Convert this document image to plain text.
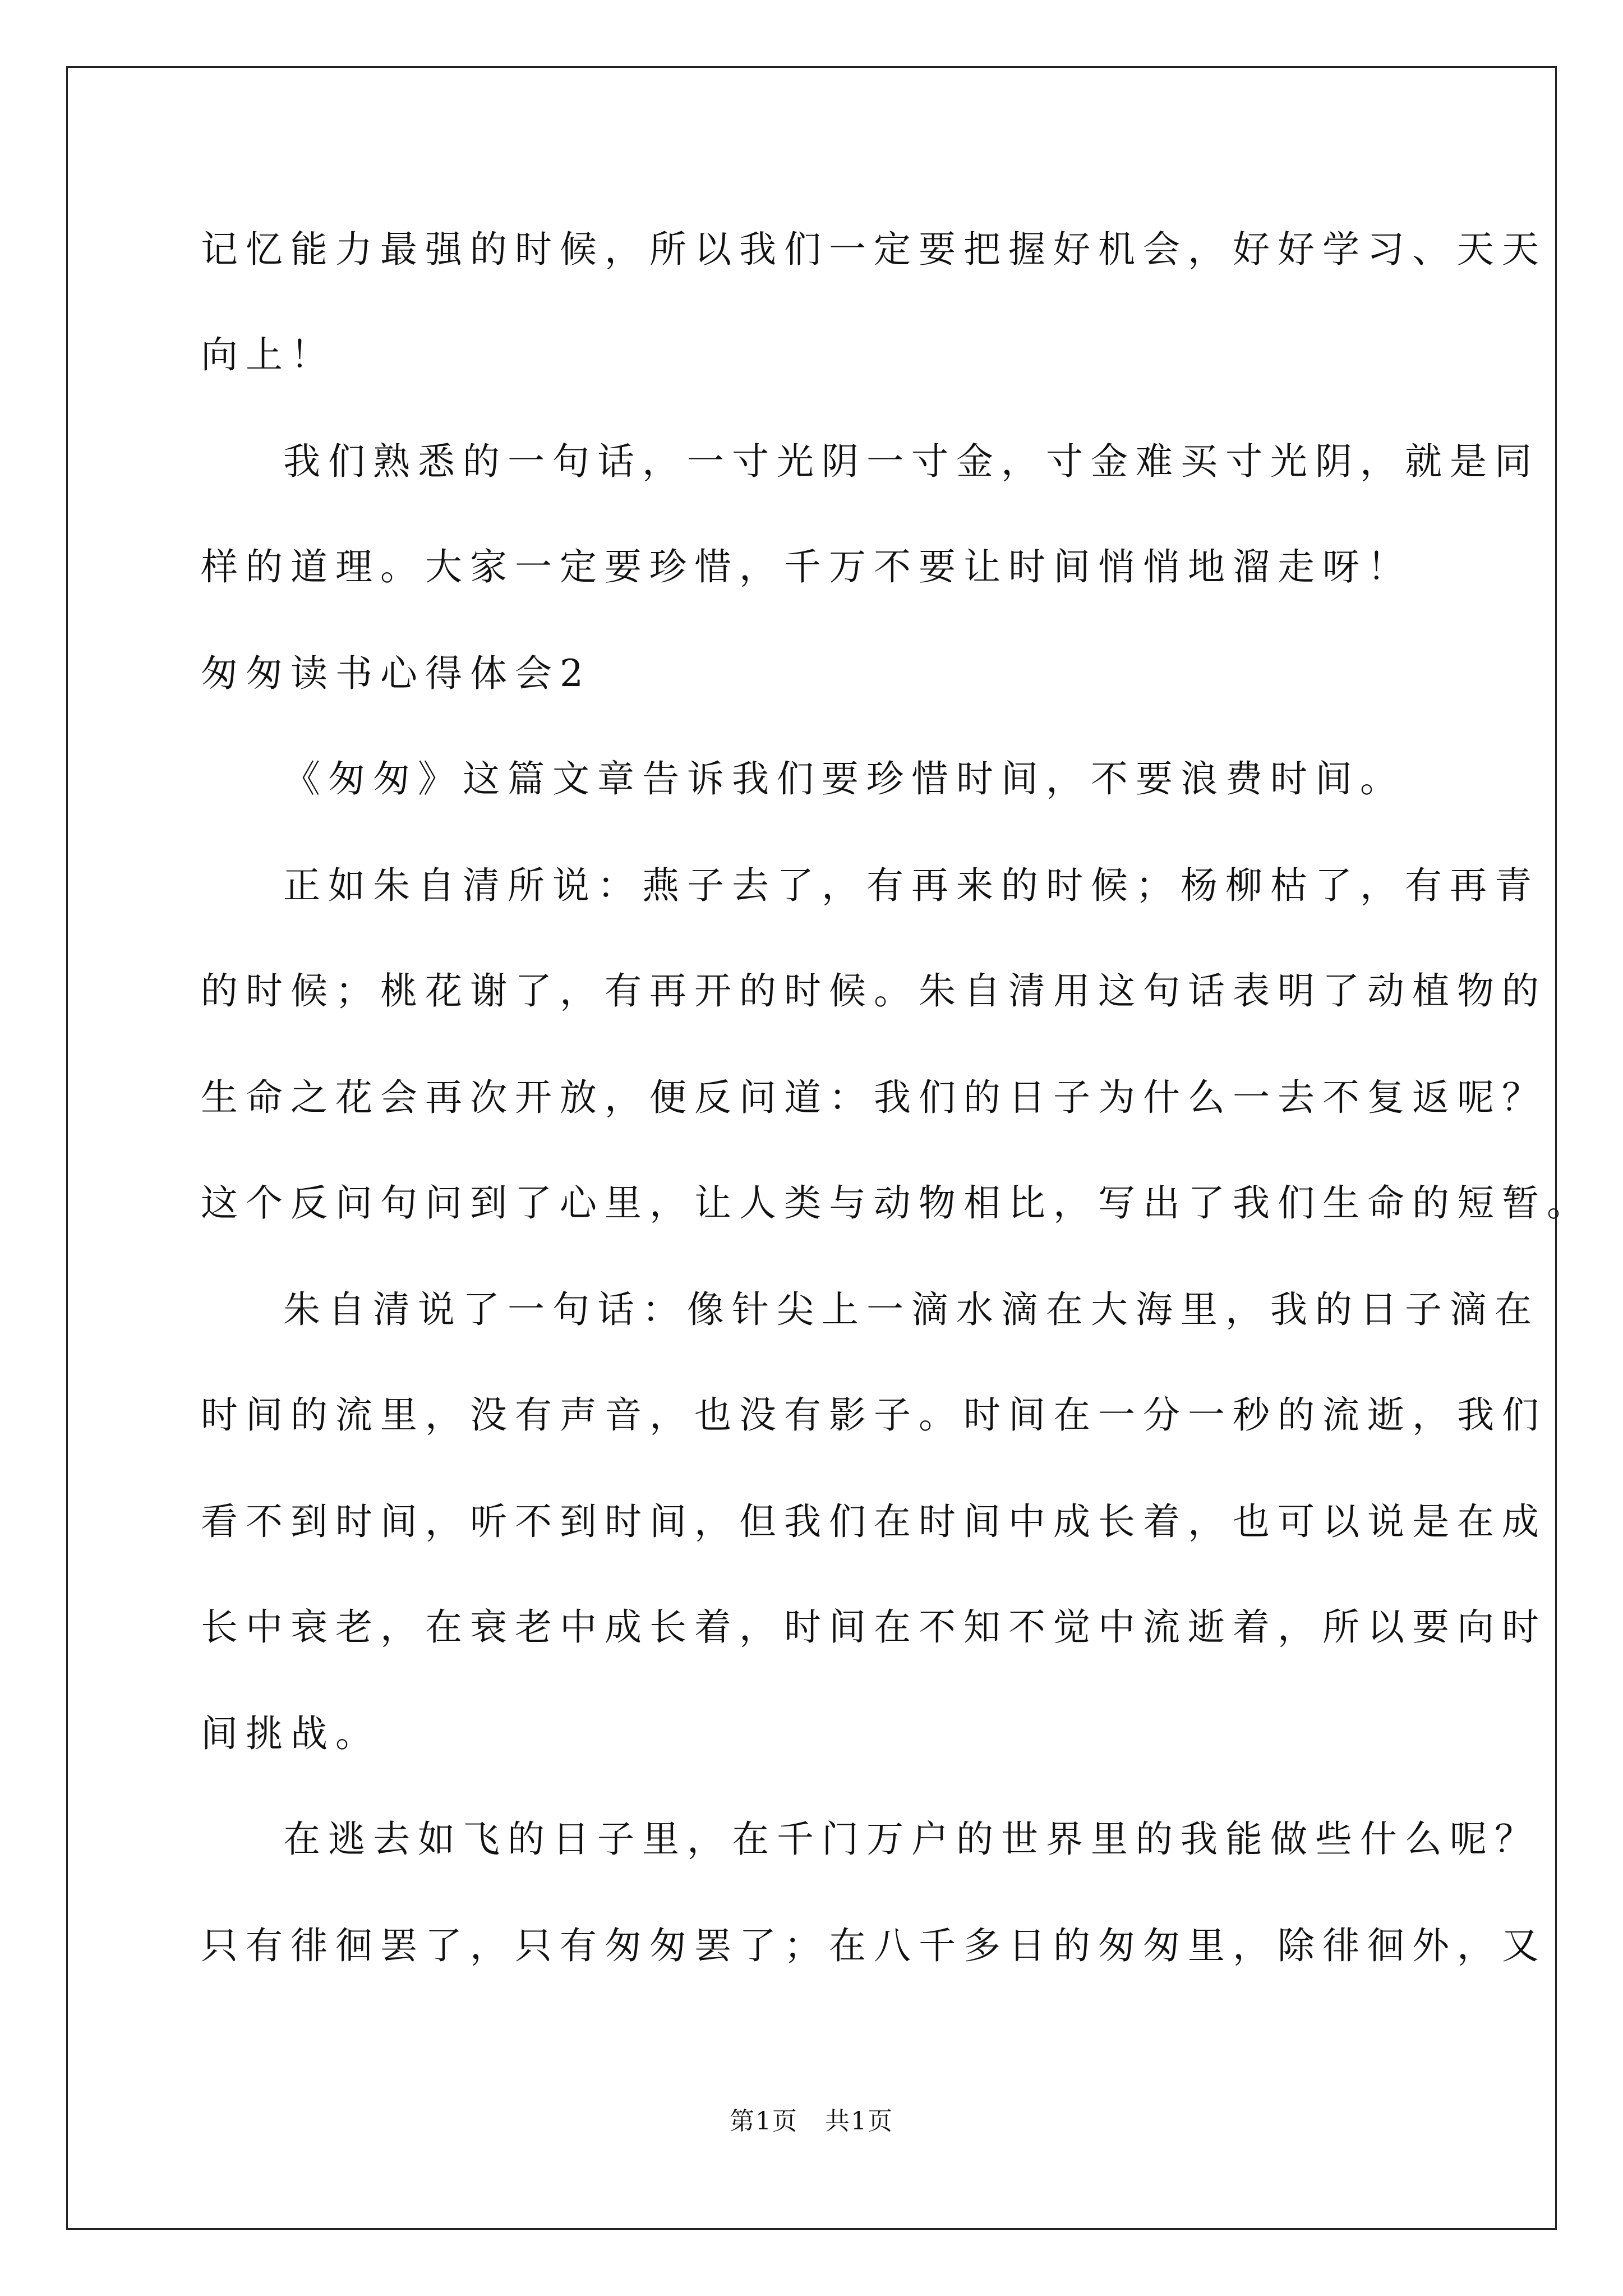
记忆能力最强的时候，所以我们一定要把握好机会，好好学习、天天
向上！
我们熟悉的一句话，一寸光阴一寸金，寸金难买寸光阴，就是同
样的道理。大家一定要珍惜，千万不要让时间悄悄地溜走呀！
匆匆读书心得体会2
《匆匆》这篇文章告诉我们要珍惜时间，不要浪费时间。
正如朱自清所说：燕子去了，有再来的时候；杨柳枯了，有再青
的时候；桃花谢了，有再开的时候。朱自清用这句话表明了动植物的
生命之花会再次开放，便反问道：我们的日子为什么一去不复返呢？
这个反问句问到了心里，让人类与动物相比，写出了我们生命的短暂。
朱自清说了一句话：像针尖上一滴水滴在大海里，我的日子滴在
时间的流里，没有声音，也没有影子。时间在一分一秒的流逝，我们
看不到时间，听不到时间，但我们在时间中成长着，也可以说是在成
长中衰老，在衰老中成长着，时间在不知不觉中流逝着，所以要向时
间挑战。
在逃去如飞的日子里，在千门万户的世界里的我能做些什么呢？
只有徘徊罢了，只有匆匆罢了；在八千多日的匆匆里，除徘徊外，又
第1页   共1页
